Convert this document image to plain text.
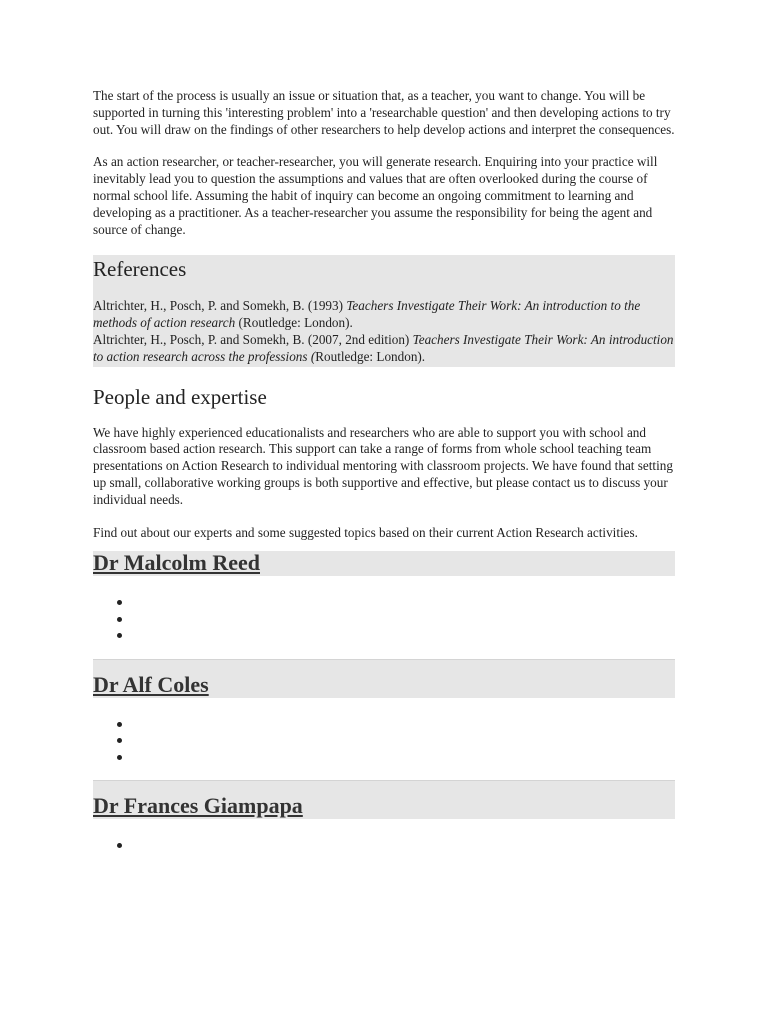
The start of the process is usually an issue or situation that, as a teacher, you want to change. You will be supported in turning this 'interesting problem' into a 'researchable question' and then developing actions to try out. You will draw on the findings of other researchers to help develop actions and interpret the consequences.

As an action researcher, or teacher-researcher, you will generate research. Enquiring into your practice will inevitably lead you to question the assumptions and values that are often overlooked during the course of normal school life. Assuming the habit of inquiry can become an ongoing commitment to learning and developing as a practitioner. As a teacher-researcher you assume the responsibility for being the agent and source of change.

References

Altrichter, H., Posch, P. and Somekh, B. (1993) Teachers Investigate Their Work: An introduction to the methods of action research (Routledge: London).

Altrichter, H., Posch, P. and Somekh, B. (2007, 2nd edition) Teachers Investigate Their Work: An introduction to action research across the professions (Routledge: London).

People and expertise

We have highly experienced educationalists and researchers who are able to support you with school and classroom based action research. This support can take a range of forms from whole school teaching team presentations on Action Research to individual mentoring with classroom projects. We have found that setting up small, collaborative working groups is both supportive and effective, but please contact us to discuss your individual needs.

Find out about our experts and some suggested topics based on their current Action Research activities.

Dr Malcolm Reed
Dr Alf Coles
Dr Frances Giampapa
